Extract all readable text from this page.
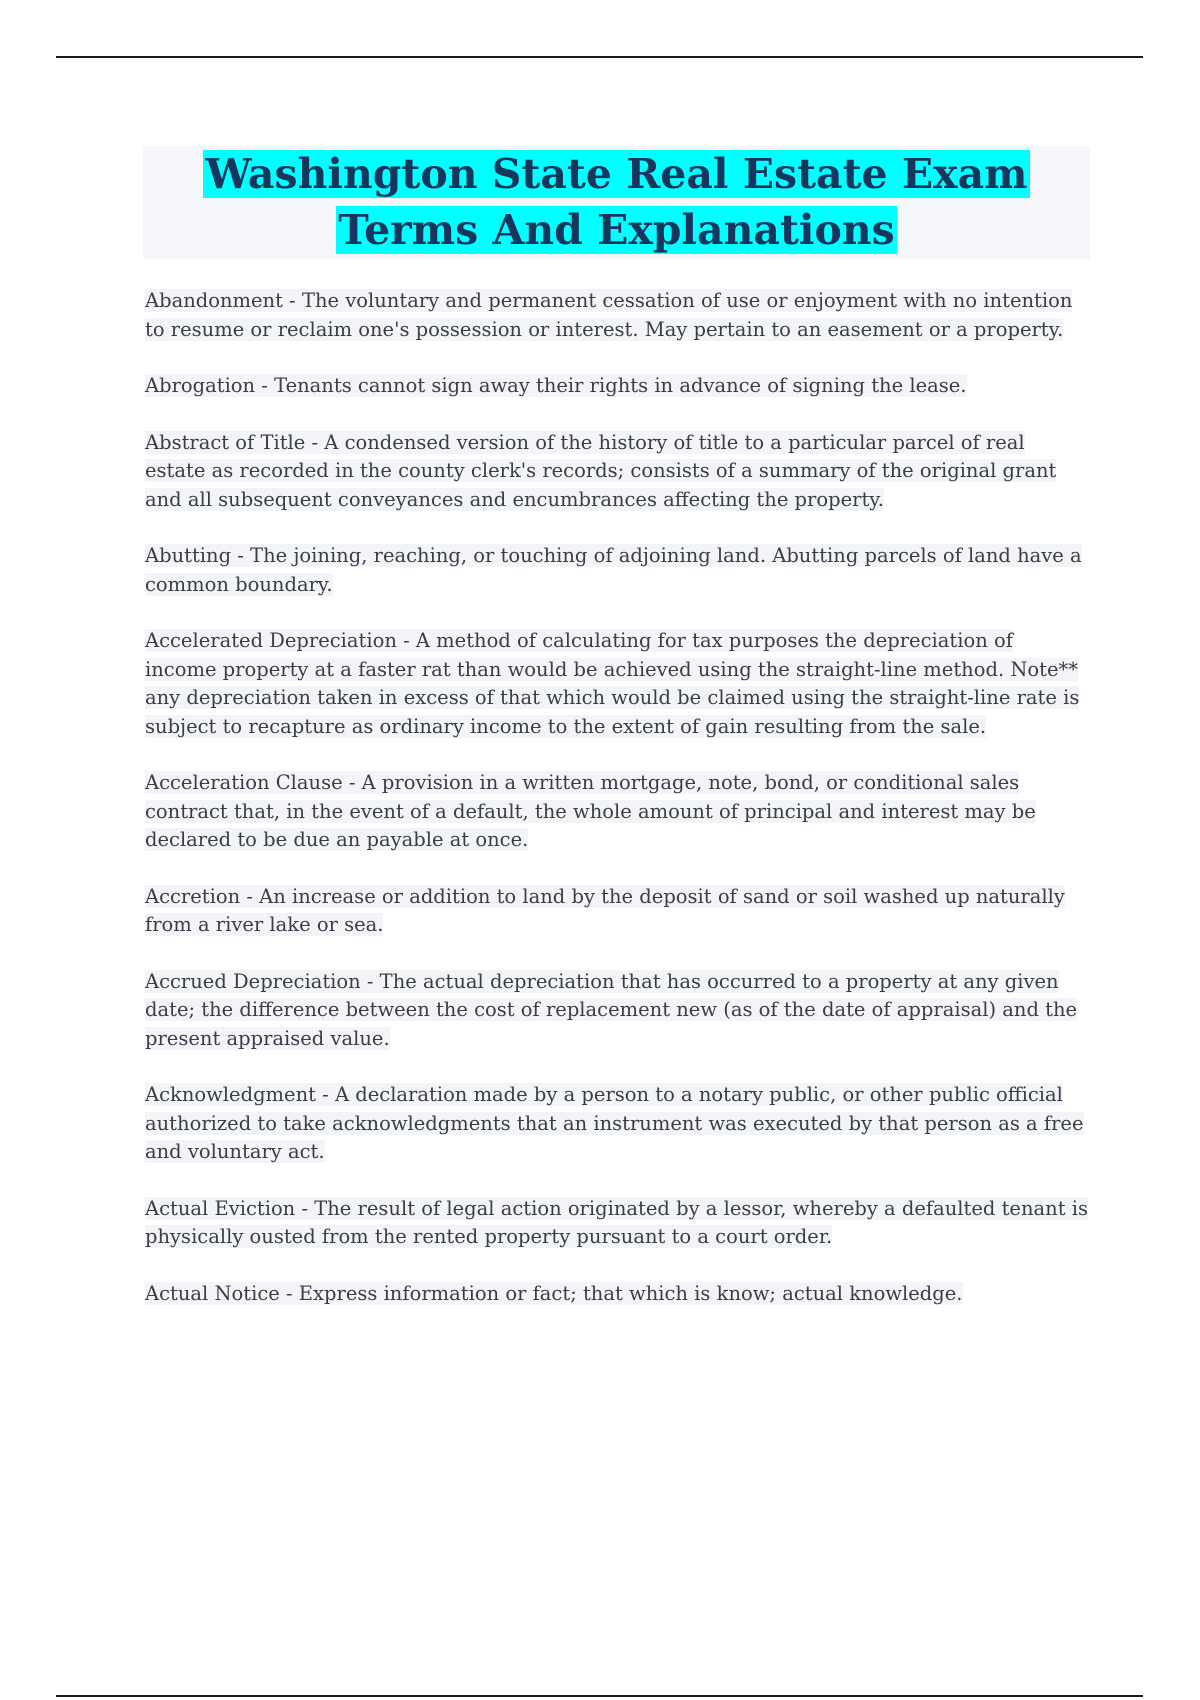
Washington State Real Estate Exam Terms And Explanations

Abandonment - The voluntary and permanent cessation of use or enjoyment with no intention to resume or reclaim one's possession or interest. May pertain to an easement or a property.

Abrogation - Tenants cannot sign away their rights in advance of signing the lease.

Abstract of Title - A condensed version of the history of title to a particular parcel of real estate as recorded in the county clerk's records; consists of a summary of the original grant and all subsequent conveyances and encumbrances affecting the property.

Abutting - The joining, reaching, or touching of adjoining land. Abutting parcels of land have a common boundary.

Accelerated Depreciation - A method of calculating for tax purposes the depreciation of income property at a faster rat than would be achieved using the straight-line method. Note** any depreciation taken in excess of that which would be claimed using the straight-line rate is subject to recapture as ordinary income to the extent of gain resulting from the sale.

Acceleration Clause - A provision in a written mortgage, note, bond, or conditional sales contract that, in the event of a default, the whole amount of principal and interest may be declared to be due an payable at once.

Accretion - An increase or addition to land by the deposit of sand or soil washed up naturally from a river lake or sea.

Accrued Depreciation - The actual depreciation that has occurred to a property at any given date; the difference between the cost of replacement new (as of the date of appraisal) and the present appraised value.

Acknowledgment - A declaration made by a person to a notary public, or other public official authorized to take acknowledgments that an instrument was executed by that person as a free and voluntary act.

Actual Eviction - The result of legal action originated by a lessor, whereby a defaulted tenant is physically ousted from the rented property pursuant to a court order.

Actual Notice - Express information or fact; that which is know; actual knowledge.
